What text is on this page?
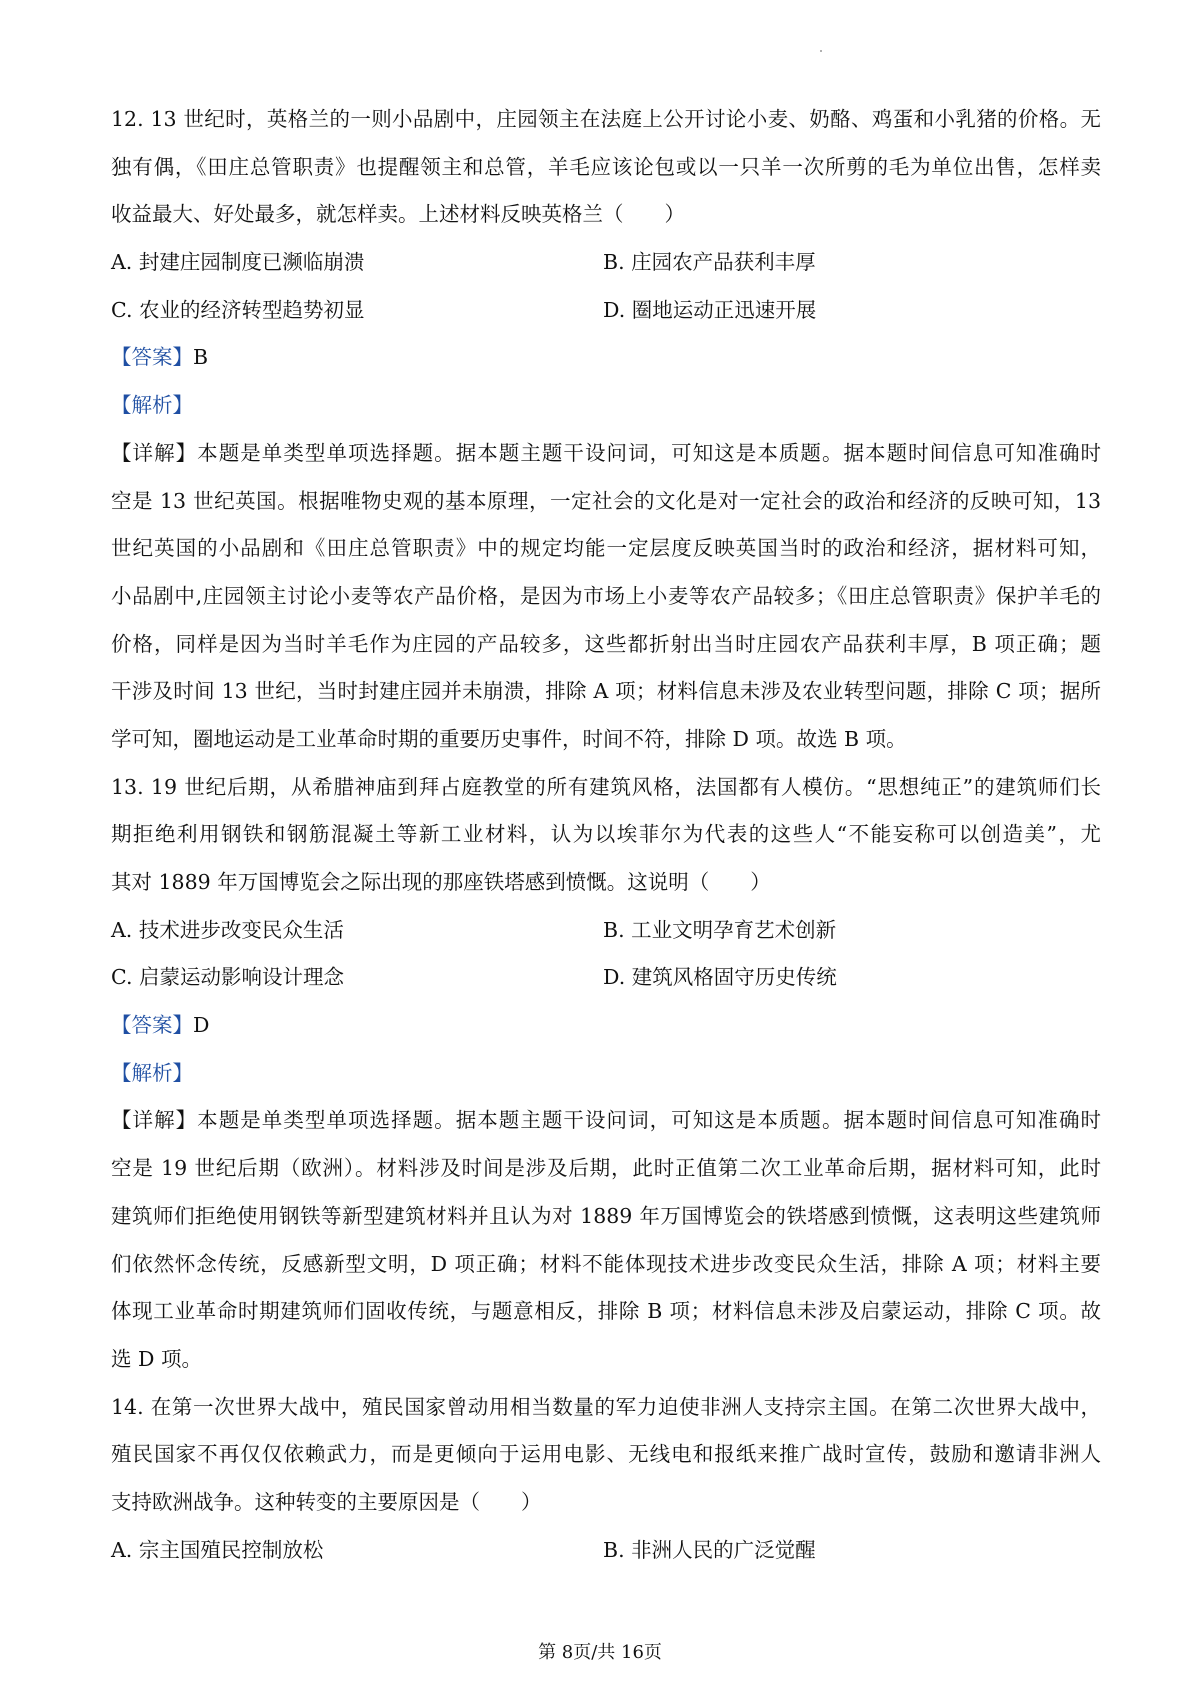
12. 13 世纪时，英格兰的一则小品剧中，庄园领主在法庭上公开讨论小麦、奶酪、鸡蛋和小乳猪的价格。无
独有偶，《田庄总管职责》也提醒领主和总管，羊毛应该论包或以一只羊一次所剪的毛为单位出售，怎样卖
收益最大、好处最多，就怎样卖。上述材料反映英格兰（　　）
A. 封建庄园制度已濒临崩溃	B. 庄园农产品获利丰厚
C. 农业的经济转型趋势初显	D. 圈地运动正迅速开展
【答案】B
【解析】
【详解】本题是单类型单项选择题。据本题主题干设问词，可知这是本质题。据本题时间信息可知准确时
空是 13 世纪英国。根据唯物史观的基本原理，一定社会的文化是对一定社会的政治和经济的反映可知，13
世纪英国的小品剧和《田庄总管职责》中的规定均能一定层度反映英国当时的政治和经济，据材料可知，
小品剧中,庄园领主讨论小麦等农产品价格，是因为市场上小麦等农产品较多；《田庄总管职责》保护羊毛的
价格，同样是因为当时羊毛作为庄园的产品较多，这些都折射出当时庄园农产品获利丰厚，B 项正确；题
干涉及时间 13 世纪，当时封建庄园并未崩溃，排除 A 项；材料信息未涉及农业转型问题，排除 C 项；据所
学可知，圈地运动是工业革命时期的重要历史事件，时间不符，排除 D 项。故选 B 项。
13. 19 世纪后期，从希腊神庙到拜占庭教堂的所有建筑风格，法国都有人模仿。“思想纯正”的建筑师们长
期拒绝利用钢铁和钢筋混凝土等新工业材料，认为以埃菲尔为代表的这些人“不能妄称可以创造美”，尤
其对 1889 年万国博览会之际出现的那座铁塔感到愤慨。这说明（　　）
A. 技术进步改变民众生活	B. 工业文明孕育艺术创新
C. 启蒙运动影响设计理念	D. 建筑风格固守历史传统
【答案】D
【解析】
【详解】本题是单类型单项选择题。据本题主题干设问词，可知这是本质题。据本题时间信息可知准确时
空是 19 世纪后期（欧洲）。材料涉及时间是涉及后期，此时正值第二次工业革命后期，据材料可知，此时
建筑师们拒绝使用钢铁等新型建筑材料并且认为对 1889 年万国博览会的铁塔感到愤慨，这表明这些建筑师
们依然怀念传统，反感新型文明，D 项正确；材料不能体现技术进步改变民众生活，排除 A 项；材料主要
体现工业革命时期建筑师们固收传统，与题意相反，排除 B 项；材料信息未涉及启蒙运动，排除 C 项。故
选 D 项。
14. 在第一次世界大战中，殖民国家曾动用相当数量的军力迫使非洲人支持宗主国。在第二次世界大战中，
殖民国家不再仅仅依赖武力，而是更倾向于运用电影、无线电和报纸来推广战时宣传，鼓励和邀请非洲人
支持欧洲战争。这种转变的主要原因是（　　）
A. 宗主国殖民控制放松	B. 非洲人民的广泛觉醒
第 8页/共 16页
